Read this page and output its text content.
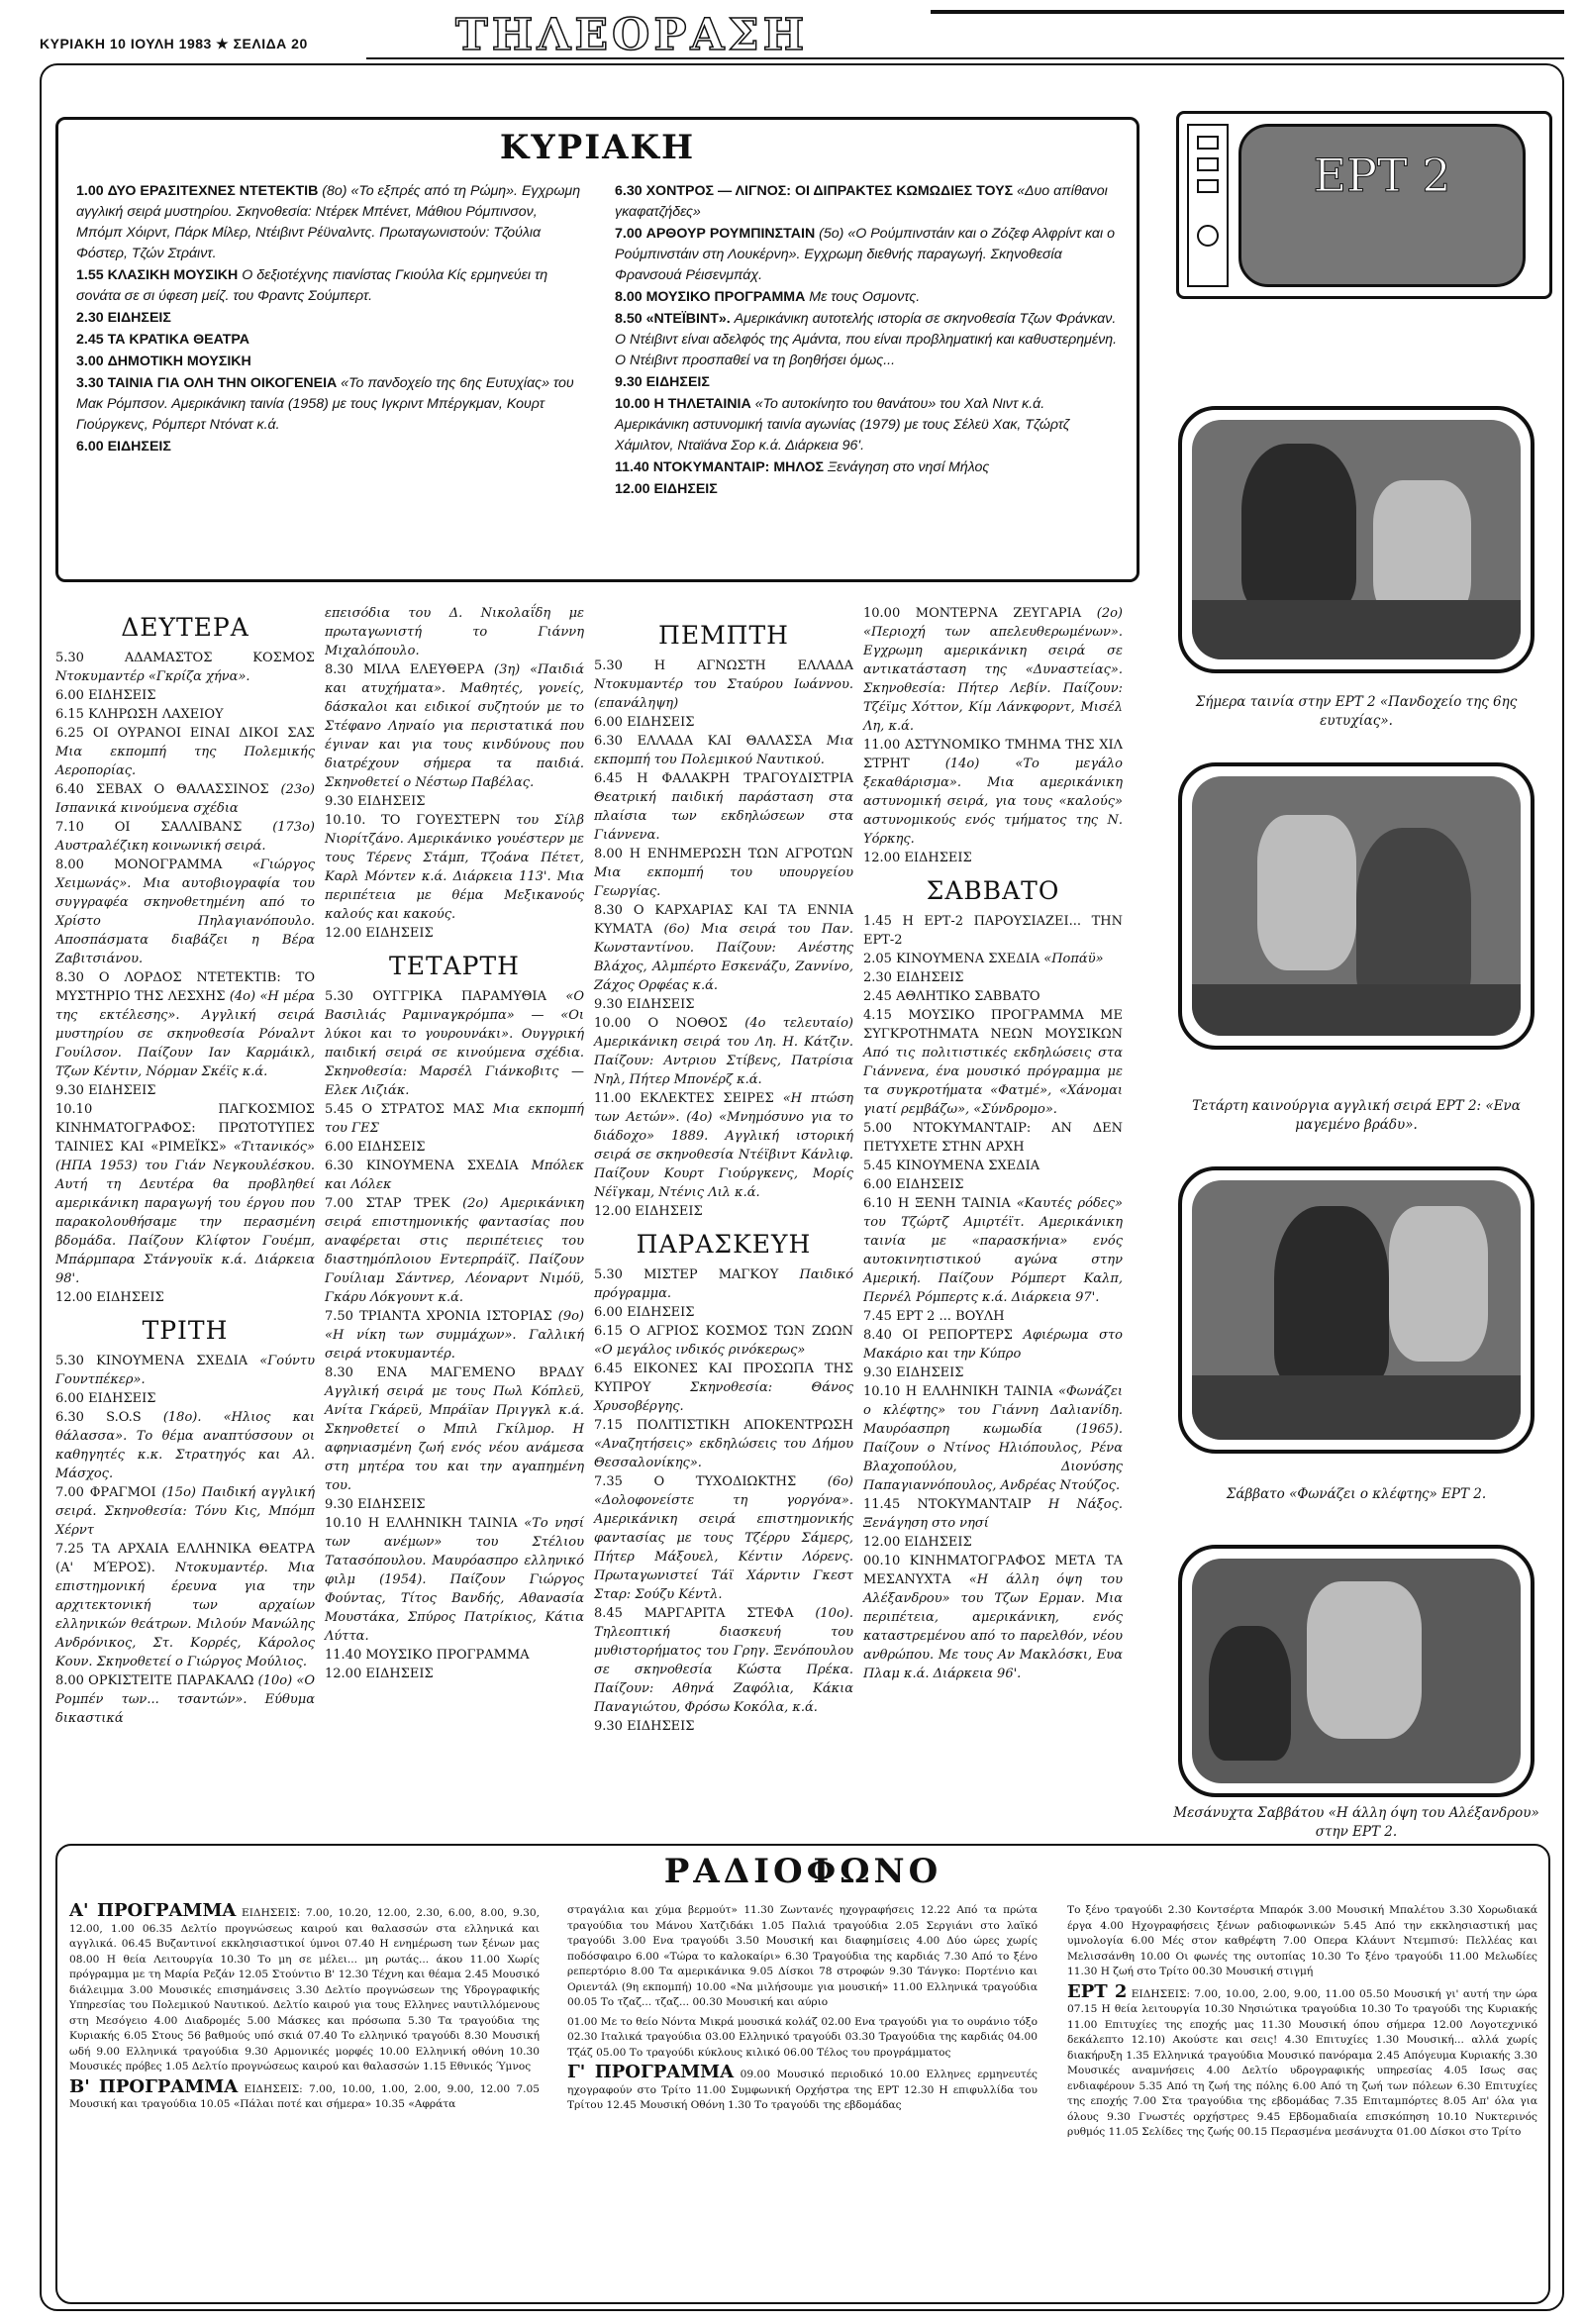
ΚΥΡΙΑΚΗ 10 ΙΟΥΛΗ 1983 ★ ΣΕΛΙΔΑ 20	ΤΗΛΕΟΡΑΣΗ
ΚΥΡΙΑΚΗ
1.00 ΔΥΟ ΕΡΑΣΙΤΕΧΝΕΣ ΝΤΕΤΕΚΤΙΒ (8ο) «Το εξπρές από τη Ρώμη». Εγχρωμη αγγλική σειρά μυστηρίου. Σκηνοθεσία: Ντέρεκ Μπένετ, Μάθιου Ρόμπινσον, Μπόμπ Χόιρντ, Πάρκ Μίλερ, Ντέιβιντ Ρέϋναλντς. Πρωταγωνιστούν: Τζούλια Φόστερ, Τζών Στράιντ.
1.55 ΚΛΑΣΙΚΗ ΜΟΥΣΙΚΗ Ο δεξιοτέχνης πιανίστας Γκιούλα Κίς ερμηνεύει τη σονάτα σε σι ύφεση μείζ. του Φραντς Σούμπερτ.
2.30 ΕΙΔΗΣΕΙΣ
2.45 ΤΑ ΚΡΑΤΙΚΑ ΘΕΑΤΡΑ
3.00 ΔΗΜΟΤΙΚΗ ΜΟΥΣΙΚΗ
3.30 ΤΑΙΝΙΑ ΓΙΑ ΟΛΗ ΤΗΝ ΟΙΚΟΓΕΝΕΙΑ «Το πανδοχείο της 6ης Ευτυχίας» του Μακ Ρόμπσον. Αμερικάνικη ταινία (1958) με τους Ιγκριντ Μπέργκμαν, Κουρτ Γιούργκενς, Ρόμπερτ Ντόνατ κ.ά.
6.00 ΕΙΔΗΣΕΙΣ
6.30 ΧΟΝΤΡΟΣ — ΛΙΓΝΟΣ: ΟΙ ΔΙΠΡΑΚΤΕΣ ΚΩΜΩΔΙΕΣ ΤΟΥΣ «Δυο απίθανοι γκαφατζήδες»
7.00 ΑΡΘΟΥΡ ΡΟΥΜΠΙΝΣΤΑΙΝ (5ο) «Ο Ρούμπινστάιν και ο Ζόζεφ Αλφρίντ και ο Ρούμπινστάιν στη Λουκέρνη». Εγχρωμη διεθνής παραγωγή. Σκηνοθεσία Φρανσουά Ρέισενμπάχ.
8.00 ΜΟΥΣΙΚΟ ΠΡΟΓΡΑΜΜΑ Με τους Οσμοντς.
8.50 «ΝΤΕΪΒΙΝΤ». Αμερικάνικη αυτοτελής ιστορία σε σκηνοθεσία Τζων Φράνκαν. Ο Ντέιβιντ είναι αδελφός της Αμάντα, που είναι προβληματική και καθυστερημένη. Ο Ντέιβιντ προσπαθεί να τη βοηθήσει όμως...
9.30 ΕΙΔΗΣΕΙΣ
10.00 Η ΤΗΛΕΤΑΙΝΙΑ «Το αυτοκίνητο του θανάτου» του Χαλ Νιντ κ.ά. Αμερικάνικη αστυνομική ταινία αγωνίας (1979) με τους Σέλεϋ Χακ, Τζώρτζ Χάμιλτον, Νταϊάνα Σορ κ.ά. Διάρκεια 96'.
11.40 ΝΤΟΚΥΜΑΝΤΑΙΡ: ΜΗΛΟΣ Ξενάγηση στο νησί Μήλος
12.00 ΕΙΔΗΣΕΙΣ
ΔΕΥΤΕΡΑ
5.30	ΑΔΑΜΑΣΤΟΣ ΚΟΣΜΟΣ Ντοκυμαντέρ «Γκρίζα χήνα».
6.00 ΕΙΔΗΣΕΙΣ
6.15 ΚΛΗΡΩΣΗ ΛΑΧΕΙΟΥ
6.25 ΟΙ ΟΥΡΑΝΟΙ ΕΙΝΑΙ ΔΙΚΟΙ ΣΑΣ Μια εκπομπή της Πολεμικής Αεροπορίας.
6.40 ΣΕΒΑΧ Ο ΘΑΛΑΣΣΙΝΟΣ (23ο) Ισπανικά κινούμενα σχέδια
7.10 ΟΙ ΣΑΛΛΙΒΑΝΣ (173ο) Αυστραλέζικη κοινωνική σειρά.
8.00 ΜΟΝΟΓΡΑΜΜΑ «Γιώργος Χειμωνάς». Μια αυτοβιογραφία του συγγραφέα σκηνοθετημένη από το Χρίστο Πηλαγιανόπουλο. Αποσπάσματα διαβάζει η Βέρα Ζαβιτσιάνου.
8.30 Ο ΛΟΡΔΟΣ ΝΤΕΤΕΚΤΙΒ: ΤΟ ΜΥΣΤΗΡΙΟ ΤΗΣ ΛΕΣΧΗΣ (4ο) «Η μέρα της εκτέλεσης». Αγγλική σειρά μυστηρίου σε σκηνοθεσία Ρόναλντ Γουίλσον. Παίζουν Ιαν Καρμάικλ, Τζων Κέντιν, Νόρμαν Σκέϊς κ.ά.
9.30 ΕΙΔΗΣΕΙΣ
10.10	ΠΑΓΚΟΣΜΙΟΣ ΚΙΝΗΜΑΤΟΓΡΑΦΟΣ: ΠΡΩΤΟΤΥΠΕΣ ΤΑΙΝΙΕΣ ΚΑΙ «ΡΙΜΕΪΚΣ» «Τιτανικός» (ΗΠΑ 1953) του Γιάν Νεγκουλέσκου. Αυτή τη Δευτέρα θα προβληθεί αμερικάνικη παραγωγή του έργου που παρακολουθήσαμε την περασμένη βδομάδα. Παίζουν Κλίφτον Γουέμπ, Μπάρμπαρα Στάνγουϊκ κ.ά. Διάρκεια 98'.
12.00 ΕΙΔΗΣΕΙΣ
ΤΡΙΤΗ
5.30 ΚΙΝΟΥΜΕΝΑ ΣΧΕΔΙΑ «Γούντυ Γουντπέκερ».
6.00 ΕΙΔΗΣΕΙΣ
6.30 S.O.S (18ο). «Ηλιος και θάλασσα». Το θέμα αναπτύσσουν οι καθηγητές κ.κ. Στρατηγός και Αλ. Μάσχος.
7.00 ΦΡΑΓΜΟΙ (15ο) Παιδική αγγλική σειρά. Σκηνοθεσία: Τόνυ Κις, Μπόμπ Χέρντ
7.25 ΤΑ ΑΡΧΑΙΑ ΕΛΛΗΝΙΚΑ ΘΕΑΤΡΑ (Α' ΜΈΡΟΣ). Ντοκυμαντέρ. Μια επιστημονική έρευνα για την αρχιτεκτονική των αρχαίων ελληνικών θεάτρων. Μιλούν Μανώλης Ανδρόνικος, Στ. Κορρές, Κάρολος Κουν. Σκηνοθετεί ο Γιώργος Μούλιος.
8.00 ΟΡΚΙΣΤΕΙΤΕ ΠΑΡΑΚΑΛΩ (10ο) «Ο Ρομπέν των... τσαντών». Εύθυμα δικαστικά
επεισόδια του Δ. Νικολαΐδη με πρωταγωνιστή το Γιάννη Μιχαλόπουλο.
8.30 ΜΙΛΑ ΕΛΕΥΘΕΡΑ (3η) «Παιδιά και ατυχήματα». Μαθητές, γονείς, δάσκαλοι και ειδικοί συζητούν με το Στέφανο Ληναίο για περιστατικά που έγιναν και για τους κινδύνους που διατρέχουν σήμερα τα παιδιά. Σκηνοθετεί ο Νέστωρ Παβέλας.
9.30 ΕΙΔΗΣΕΙΣ
10.10. ΤΟ ΓΟΥΕΣΤΕΡΝ του Σίλβ Νιορίτζάνο. Αμερικάνικο γουέστερν με τους Τέρενς Στάμπ, Τζοάνα Πέτετ, Καρλ Μόντεν κ.ά. Διάρκεια 113'. Μια περιπέτεια με θέμα Μεξικανούς καλούς και κακούς.
12.00 ΕΙΔΗΣΕΙΣ
ΤΕΤΑΡΤΗ
5.30 ΟΥΓΓΡΙΚΑ ΠΑΡΑΜΥΘΙΑ «Ο Βασιλιάς Ραμιναγκρόμπα» — «Οι λύκοι και το γουρουνάκι». Ουγγρική παιδική σειρά σε κινούμενα σχέδια. Σκηνοθεσία: Μαρσέλ Γιάνκοβιτς — Ελεκ Λιζιάκ.
5.45 Ο ΣΤΡΑΤΟΣ ΜΑΣ Μια εκπομπή του ΓΕΣ
6.00 ΕΙΔΗΣΕΙΣ
6.30 ΚΙΝΟΥΜΕΝΑ ΣΧΕΔΙΑ Μπόλεκ και Λόλεκ
7.00 ΣΤΑΡ ΤΡΕΚ (2ο) Αμερικάνικη σειρά επιστημονικής φαντασίας που αναφέρεται στις περιπέτειες του διαστημόπλοιου Εντερπράϊζ. Παίζουν Γουίλιαμ Σάντνερ, Λέοναρντ Νιμόϋ, Γκάρυ Λόκγουντ κ.ά.
7.50 ΤΡΙΑΝΤΑ ΧΡΟΝΙΑ ΙΣΤΟΡΙΑΣ (9ο) «Η νίκη των συμμάχων». Γαλλική σειρά ντοκυμαντέρ.
8.30 ΕΝΑ ΜΑΓΕΜΕΝΟ ΒΡΑΔΥ Αγγλική σειρά με τους Πωλ Κόπλεϋ, Ανίτα Γκάρεϋ, Μπράϊαν Πριγγκλ κ.ά. Σκηνοθετεί ο Μπιλ Γκίλμορ. Η αφηνιασμένη ζωή ενός νέου ανάμεσα στη μητέρα του και την αγαπημένη του.
9.30 ΕΙΔΗΣΕΙΣ
10.10 Η ΕΛΛΗΝΙΚΗ ΤΑΙΝΙΑ «Το νησί των ανέμων» του Στέλιου Τατασόπουλου. Μαυρόασπρο ελληνικό φιλμ (1954). Παίζουν Γιώργος Φούντας, Τίτος Βανδής, Αθανασία Μουστάκα, Σπύρος Πατρίκιος, Κάτια Λύττα.
11.40 ΜΟΥΣΙΚΟ ΠΡΟΓΡΑΜΜΑ
12.00 ΕΙΔΗΣΕΙΣ
ΠΕΜΠΤΗ
5.30 Η ΑΓΝΩΣΤΗ ΕΛΛΑΔΑ Ντοκυμαντέρ του Σταύρου Ιωάννου. (επανάληψη)
6.00 ΕΙΔΗΣΕΙΣ
6.30 ΕΛΛΑΔΑ ΚΑΙ ΘΑΛΑΣΣΑ Μια εκπομπή του Πολεμικού Ναυτικού.
6.45 Η ΦΑΛΑΚΡΗ ΤΡΑΓΟΥΔΙΣΤΡΙΑ Θεατρική παιδική παράσταση στα πλαίσια των εκδηλώσεων στα Γιάννενα.
8.00 Η ΕΝΗΜΕΡΩΣΗ ΤΩΝ ΑΓΡΟΤΩΝ Μια εκπομπή του υπουργείου Γεωργίας.
8.30 Ο ΚΑΡΧΑΡΙΑΣ ΚΑΙ ΤΑ ΕΝΝΙΑ ΚΥΜΑΤΑ (6ο) Μια σειρά του Παν. Κωνσταντίνου. Παίζουν: Ανέστης Βλάχος, Αλμπέρτο Εσκενάζυ, Ζαννίνο, Ζάχος Ορφέας κ.ά.
9.30 ΕΙΔΗΣΕΙΣ
10.00 Ο ΝΟΘΟΣ (4ο τελευταίο) Αμερικάνικη σειρά του Λη. Η. Κάτζιν. Παίζουν: Αντριου Στίβενς, Πατρίσια Νηλ, Πήτερ Μπονέρζ κ.ά.
11.00 ΕΚΛΕΚΤΕΣ ΣΕΙΡΕΣ «Η πτώση των Αετών». (4ο) «Μνημόσυνο για το διάδοχο» 1889. Αγγλική ιστορική σειρά σε σκηνοθεσία Ντέϊβιντ Κάνλιφ. Παίζουν Κουρτ Γιούργκενς, Μορίς Νέϊγκαμ, Ντένις Λιλ κ.ά.
12.00 ΕΙΔΗΣΕΙΣ
ΠΑΡΑΣΚΕΥΗ
5.30 ΜΙΣΤΕΡ ΜΑΓΚΟΥ Παιδικό πρόγραμμα.
6.00 ΕΙΔΗΣΕΙΣ
6.15 Ο ΑΓΡΙΟΣ ΚΟΣΜΟΣ ΤΩΝ ΖΩΩΝ «Ο μεγάλος ινδικός ρινόκερως»
6.45 ΕΙΚΟΝΕΣ ΚΑΙ ΠΡΟΣΩΠΑ ΤΗΣ ΚΥΠΡΟΥ	Σκηνοθεσία: Θάνος Χρυσοβέργης.
7.15 ΠΟΛΙΤΙΣΤΙΚΗ ΑΠΟΚΕΝΤΡΩΣΗ «Αναζητήσεις» εκδηλώσεις του Δήμου Θεσσαλονίκης».
7.35 Ο ΤΥΧΟΔΙΩΚΤΗΣ (6ο) «Δολοφονείστε τη γοργόνα». Αμερικάνικη σειρά επιστημονικής φαντασίας με τους Τζέρρυ Σάμερς, Πήτερ Μάξουελ, Κέντιν Λόρενς. Πρωταγωνιστεί Τάϊ Χάρντιν Γκεστ Σταρ: Σούζυ Κέντλ.
8.45 ΜΑΡΓΑΡΙΤΑ ΣΤΕΦΑ (10ο). Τηλεοπτική διασκευή του μυθιστορήματος του Γρηγ. Ξενόπουλου σε σκηνοθεσία Κώστα Πρέκα. Παίζουν: Αθηνά Ζαφόλια, Κάκια Παναγιώτου, Φρόσω Κοκόλα, κ.ά.
9.30 ΕΙΔΗΣΕΙΣ
10.00 ΜΟΝΤΕΡΝΑ ΖΕΥΓΑΡΙΑ (2ο) «Περιοχή των απελευθερωμένων». Εγχρωμη αμερικάνικη σειρά σε αντικατάσταση της «Δυναστείας». Σκηνοθεσία: Πήτερ Λεβίν. Παίζουν: Τζέϊμς Χόττον, Κίμ Λάνκφορντ, Μισέλ Λη, κ.ά.
11.00 ΑΣΤΥΝΟΜΙΚΟ ΤΜΗΜΑ ΤΗΣ ΧΙΛ ΣΤΡΗΤ	(14ο) «Το μεγάλο ξεκαθάρισμα». Μια αμερικάνικη αστυνομική σειρά, για τους «καλούς» αστυνομικούς ενός τμήματος της Ν. Υόρκης.
12.00 ΕΙΔΗΣΕΙΣ
ΣΑΒΒΑΤΟ
1.45 Η ΕΡΤ-2 ΠΑΡΟΥΣΙΑΖΕΙ... ΤΗΝ ΕΡΤ-2
2.05 ΚΙΝΟΥΜΕΝΑ ΣΧΕΔΙΑ «Ποπάϋ»
2.30 ΕΙΔΗΣΕΙΣ
2.45 ΑΘΛΗΤΙΚΟ ΣΑΒΒΑΤΟ
4.15 ΜΟΥΣΙΚΟ ΠΡΟΓΡΑΜΜΑ ΜΕ ΣΥΓΚΡΟΤΗΜΑΤΑ ΝΕΩΝ ΜΟΥΣΙΚΩΝ Από τις πολιτιστικές εκδηλώσεις στα Γιάννενα, ένα μουσικό πρόγραμμα με τα συγκροτήματα «Φατμέ», «Χάνομαι γιατί ρεμβάζω», «Σύνδρομο».
5.00 ΝΤΟΚΥΜΑΝΤΑΙΡ: ΑΝ ΔΕΝ ΠΕΤΥΧΕΤΕ ΣΤΗΝ ΑΡΧΗ
5.45 ΚΙΝΟΥΜΕΝΑ ΣΧΕΔΙΑ
6.00 ΕΙΔΗΣΕΙΣ
6.10 Η ΞΕΝΗ ΤΑΙΝΙΑ «Καυτές ρόδες» του Τζώρτζ Αμιρτέϊτ. Αμερικάνικη ταινία με «παρασκήνια» ενός αυτοκινητιστικού αγώνα στην Αμερική. Παίζουν Ρόμπερτ Καλπ, Περνέλ Ρόμπερτς κ.ά. Διάρκεια 97'.
7.45 ΕΡΤ 2 ... ΒΟΥΛΗ
8.40 ΟΙ ΡΕΠΟΡΤΕΡΣ Αφιέρωμα στο Μακάριο και την Κύπρο
9.30 ΕΙΔΗΣΕΙΣ
10.10 Η ΕΛΛΗΝΙΚΗ ΤΑΙΝΙΑ «Φωνάζει ο κλέφτης» του Γιάννη Δαλιανίδη. Μαυρόασπρη κωμωδία (1965). Παίζουν ο Ντίνος Ηλιόπουλος, Ρένα Βλαχοπούλου, Διονύσης Παπαγιαννόπουλος, Ανδρέας Ντούζος.
11.45 ΝΤΟΚΥΜΑΝΤΑΙΡ Η Νάξος. Ξενάγηση στο νησί
12.00 ΕΙΔΗΣΕΙΣ
00.10 ΚΙΝΗΜΑΤΟΓΡΑΦΟΣ ΜΕΤΑ ΤΑ ΜΕΣΑΝΥΧΤΑ «Η άλλη όψη του Αλέξανδρου» του Τζων Ερμαν. Μια περιπέτεια, αμερικάνικη, ενός καταστρεμένου από το παρελθόν, νέου ανθρώπου. Με τους Αν Μακλόσκι, Ευα Πλαμ κ.ά. Διάρκεια 96'.
ΕΡΤ 2
Σήμερα ταινία στην ΕΡΤ 2 «Πανδοχείο της 6ης ευτυχίας».
Τετάρτη καινούργια αγγλική σειρά ΕΡΤ 2: «Ενα μαγεμένο βράδυ».
Σάββατο «Φωνάζει ο κλέφτης» ΕΡΤ 2.
Μεσάνυχτα Σαββάτου «Η άλλη όψη του Αλέξανδρου» στην ΕΡΤ 2.
ΡΑΔΙΟΦΩΝΟ

Α' ΠΡΟΓΡΑΜΜΑ ΕΙΔΗΣΕΙΣ: 7.00, 10.20, 12.00, 2.30, 6.00, 8.00, 9.30, 12.00, 1.00 06.35 Δελτίο προγνώσεως καιρού και θαλασσών στα ελληνικά και αγγλικά. 06.45 Βυζαντινοί εκκλησιαστικοί ύμνοι 07.40 Η ενημέρωση των ξένων μας 08.00 Η θεία Λειτουργία 10.30 Το μη σε μέλει... μη ρωτάς... άκου 11.00 Χωρίς πρόγραμμα με τη Μαρία Ρεζάν 12.05 Στούντιο Β' 12.30 Τέχνη και θέαμα 2.45 Μουσικό διάλειμμα 3.00 Μουσικές επισημάνσεις 3.30 Δελτίο προγνώσεων της Υδρογραφικής Υπηρεσίας του Πολεμικού Ναυτικού. Δελτίο καιρού για τους Ελληνες ναυτιλλόμενους στη Μεσόγειο 4.00 Διαδρομές 5.00 Μάσκες και πρόσωπα 5.30 Τα τραγούδια της Κυριακής 6.05 Στους 56 βαθμούς υπό σκιά 07.40 Το ελληνικό τραγούδι 8.30 Μουσική ωδή 9.00 Ελληνικά τραγούδια 9.30 Αρμονικές μορφές 10.00 Ελληνική οθόνη 10.30 Μουσικές πρόβες 1.05 Δελτίο προγνώσεως καιρού και θαλασσών 1.15 Εθνικός Ύμνος

Β' ΠΡΟΓΡΑΜΜΑ ΕΙΔΗΣΕΙΣ: 7.00, 10.00, 1.00, 2.00, 9.00, 12.00 7.05 Μουσική και τραγούδια 10.05 «Πάλαι ποτέ και σήμερα» 10.35 «Αφράτα

στραγάλια και χύμα βερμούτ» 11.30 Ζωντανές ηχογραφήσεις 12.22 Από τα πρώτα τραγούδια του Μάνου Χατζιδάκι 1.05 Παλιά τραγούδια 2.05 Σεργιάνι στο λαϊκό τραγούδι 3.00 Ενα τραγούδι 3.50 Μουσική και διαφημίσεις 4.00 Δύο ώρες χωρίς ποδόσφαιρο 6.00 «Τώρα το καλοκαίρι» 6.30 Τραγούδια της καρδιάς 7.30 Από το ξένο ρεπερτόριο 8.00 Τα αμερικάνικα 9.05 Δίσκοι 78 στροφών 9.30 Τάνγκο: Πορτένιο και Οριεντάλ (9η εκπομπή) 10.00 «Να μιλήσουμε για μουσική» 11.00 Ελληνικά τραγούδια 00.05 Το τζαζ... τζαζ... 00.30 Μουσική και αύριο

01.00 Με το θείο Νόντα Μικρά μουσικά κολάζ 02.00 Ενα τραγούδι για το ουράνιο τόξο 02.30 Ιταλικά τραγούδια 03.00 Ελληνικό τραγούδι 03.30 Τραγούδια της καρδιάς 04.00 Τζάζ 05.00 Το τραγούδι κύκλους κιλικό 06.00 Τέλος του προγράμματος

Γ' ΠΡΟΓΡΑΜΜΑ 09.00 Μουσικό περιοδικό 10.00 Ελληνες ερμηνευτές ηχογραφούν στο Τρίτο 11.00 Συμφωνική Ορχήστρα της ΕΡΤ 12.30 Η επιφυλλίδα του Τρίτου 12.45 Μουσική Οθόνη 1.30 Το τραγούδι της εβδομάδας

Το ξένο τραγούδι 2.30 Κοντσέρτα Μπαρόκ 3.00 Μουσική Μπαλέτου 3.30 Χορωδιακά έργα 4.00 Ηχογραφήσεις ξένων ραδιοφωνικών 5.45 Από την εκκλησιαστική μας υμνολογία 6.00 Μές στον καθρέφτη 7.00 Οπερα Κλάυντ Ντεμπισύ: Πελλέας και Μελισσάνθη 10.00 Οι φωνές της ουτοπίας 10.30 Το ξένο τραγούδι 11.00 Μελωδίες 11.30 Η ζωή στο Τρίτο 00.30 Μουσική στιγμή

ΕΡΤ 2 ΕΙΔΗΣΕΙΣ: 7.00, 10.00, 2.00, 9.00, 11.00 05.50 Μουσική γι' αυτή την ώρα 07.15 Η θεία λειτουργία 10.30 Νησιώτικα τραγούδια 10.30 Το τραγούδι της Κυριακής 11.00 Επιτυχίες της εποχής μας 11.30 Μουσική όπου σήμερα 12.00 Λογοτεχνικό δεκάλεπτο 12.10) Ακούστε και σεις! 4.30 Επιτυχίες 1.30 Μουσική... αλλά χωρίς διακήρυξη 1.35 Ελληνικά τραγούδια Μουσικό πανόραμα 2.45 Απόγευμα Κυριακής 3.30 Μουσικές αναμνήσεις 4.00 Δελτίο υδρογραφικής υπηρεσίας 4.05 Ισως σας ενδιαφέρουν 5.35 Από τη ζωή της πόλης 6.00 Από τη ζωή των πόλεων 6.30 Επιτυχίες της εποχής 7.00 Στα τραγούδια της εβδομάδας 7.35 Επιταμπόρτες 8.05 Απ' όλα για όλους 9.30 Γνωστές ορχήστρες 9.45 Εβδομαδιαία επισκόπηση 10.10 Νυκτερινός ρυθμός 11.05 Σελίδες της ζωής 00.15 Περασμένα μεσάνυχτα 01.00 Δίσκοι στο Τρίτο
